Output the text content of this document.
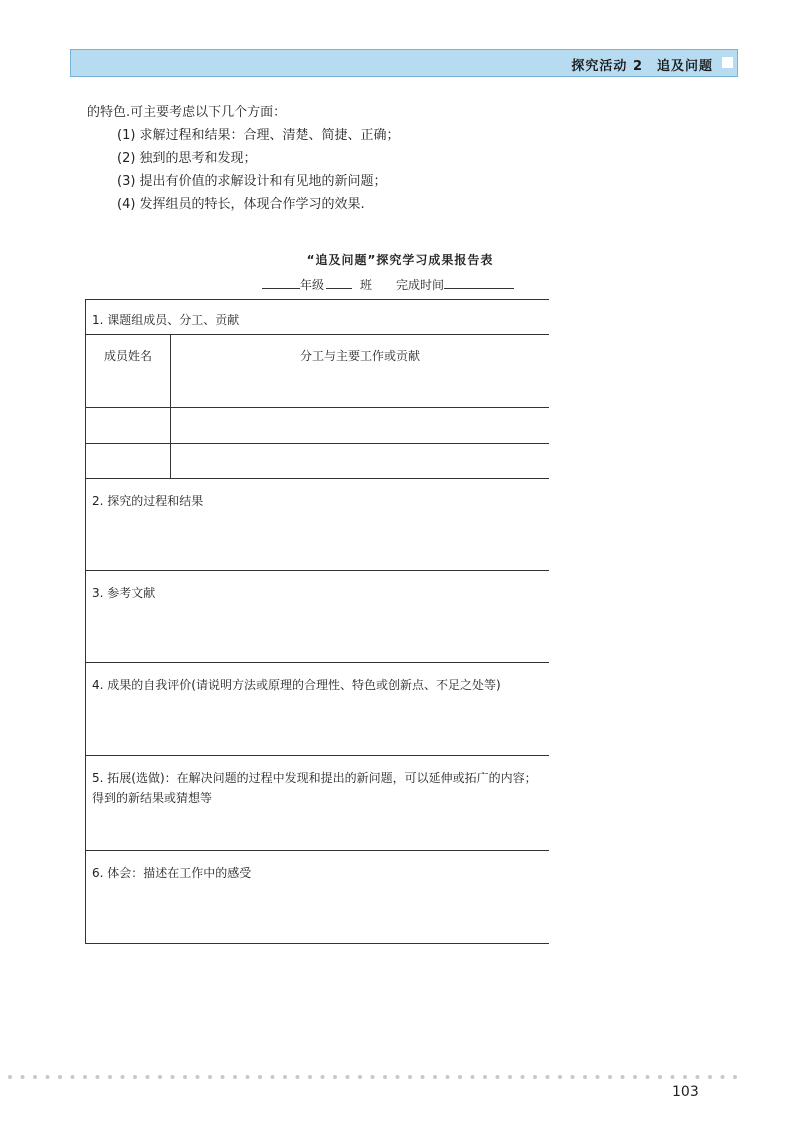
探究活动 2　追及问题
的特色.可主要考虑以下几个方面：
(1) 求解过程和结果：合理、清楚、简捷、正确；
(2) 独到的思考和发现；
(3) 提出有价值的求解设计和有见地的新问题；
(4) 发挥组员的特长，体现合作学习的效果.
“追及问题”探究学习成果报告表
年级	班 完成时间
1. 课题组成员、分工、贡献	

成员姓名	分工与主要工作或贡献

2. 探究的过程和结果	

3. 参考文献	

4. 成果的自我评价(请说明方法或原理的合理性、特色或创新点、不足之处等)	

5. 拓展(选做)：在解决问题的过程中发现和提出的新问题，可以延伸或拓广的内容；得到的新结果或猜想等	

6. 体会：描述在工作中的感受	
103
